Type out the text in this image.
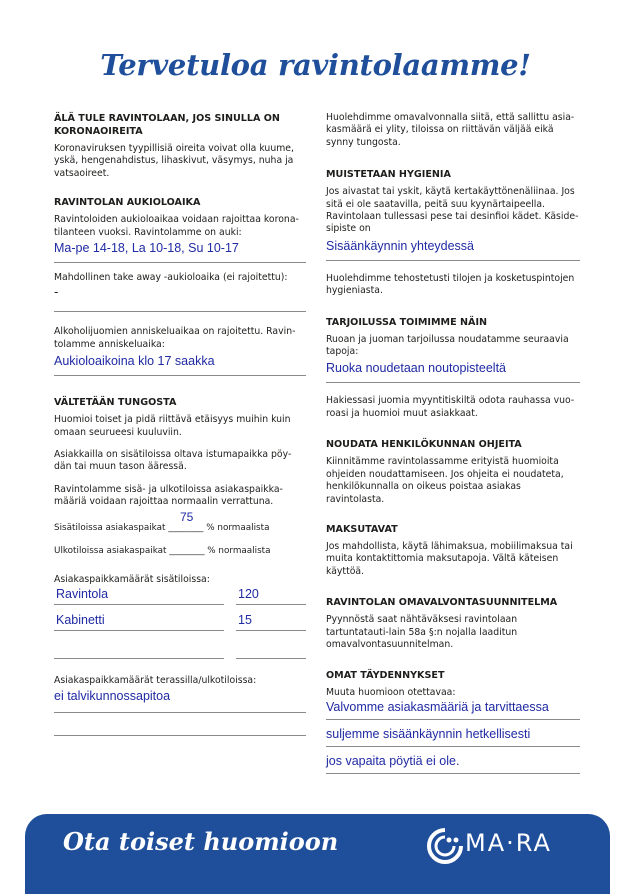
Tervetuloa ravintolaamme!

ÄLÄ TULE RAVINTOLAAN, JOS SINULLA ON KORONAOIREITA

Koronaviruksen tyypillisiä oireita voivat olla kuume, yskä, hengenahdistus, lihaskivut, väsymys, nuha ja vatsaoireet.

RAVINTOLAN AUKIOLOAIKA

Ravintoloiden aukioloaikaa voidaan rajoittaa korona-tilanteen vuoksi. Ravintolamme on auki:

Ma-pe 14-18, La 10-18, Su 10-17

Mahdollinen take away -aukioloaika (ei rajoitettu):

-

Alkoholijuomien anniskeluaikaa on rajoitettu. Ravin-tolamme anniskeluaika:

Aukioloaikoina klo 17 saakka

VÄLTETÄÄN TUNGOSTA

Huomioi toiset ja pidä riittävä etäisyys muihin kuin omaan seurueesi kuuluviin.

Asiakkailla on sisätiloissa oltava istumapaikka pöy-dän tai muun tason ääressä.

Ravintolamme sisä- ja ulkotiloissa asiakaspaikka-määriä voidaan rajoittaa normaalin verrattuna.

75
Sisätiloissa asiakaspaikat ________ % normaalista
Ulkotiloissa asiakaspaikat ________ % normaalista

Asiakaspaikkamäärät sisätiloissa:

Ravintola	120
Kabinetti	15

Asiakaspaikkamäärät terassilla/ulkotiloissa:

ei talvikunnossapitoa

Huolehdimme omavalvonnalla siitä, että sallittu asia-kasmäärä ei ylity, tiloissa on riittävän väljää eikä synny tungosta.

MUISTETAAN HYGIENIA

Jos aivastat tai yskit, käytä kertakäyttönenäliinaa. Jos sitä ei ole saatavilla, peitä suu kyynärtaipeella. Ravintolaan tullessasi pese tai desinfioi kädet. Käside-sipiste on

Sisäänkäynnin yhteydessä

Huolehdimme tehostetusti tilojen ja kosketuspintojen hygieniasta.

TARJOILUSSA TOIMIMME NÄIN

Ruoan ja juoman tarjoilussa noudatamme seuraavia tapoja:

Ruoka noudetaan noutopisteeltä

Hakiessasi juomia myyntitiskiltä odota rauhassa vuo-roasi ja huomioi muut asiakkaat.

NOUDATA HENKILÖKUNNAN OHJEITA

Kiinnitämme ravintolassamme erityistä huomioita ohjeiden noudattamiseen. Jos ohjeita ei noudateta, henkilökunnalla on oikeus poistaa asiakas ravintolasta.

MAKSUTAVAT

Jos mahdollista, käytä lähimaksua, mobiilimaksua tai muita kontaktittomia maksutapoja. Vältä käteisen käyttöä.

RAVINTOLAN OMAVALVONTASUUNNITELMA

Pyynnöstä saat nähtäväksesi ravintolaan tartuntatauti-lain 58a §:n nojalla laaditun omavalvontasuunnitelman.

OMAT TÄYDENNYKSET

Muuta huomioon otettavaa:

Valvomme asiakasmääriä ja tarvittaessa
suljemme sisäänkäynnin hetkellisesti
jos vapaita pöytiä ei ole.
Ota toiset huomioon	MA·RA
